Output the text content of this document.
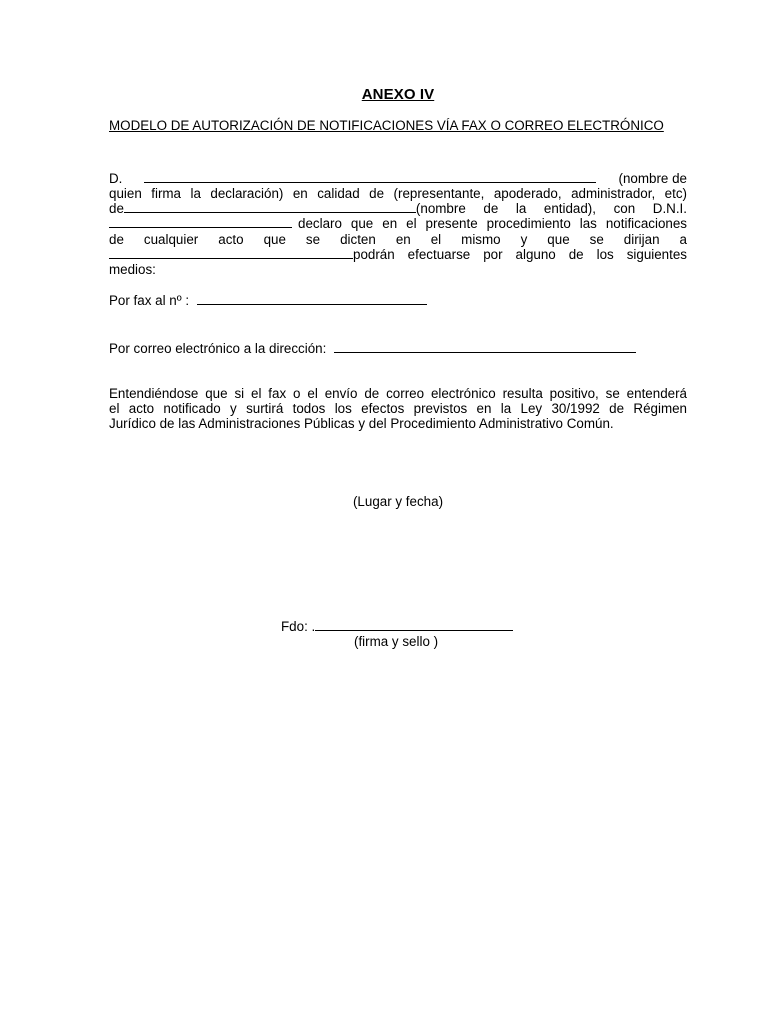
ANEXO IV
MODELO DE AUTORIZACIÓN DE NOTIFICACIONES VÍA FAX O CORREO ELECTRÓNICO
D.	(nombre de
quien firma la declaración) en calidad de (representante, apoderado, administrador, etc)
de	(nombre de la entidad), con D.N.I.
declaro que en el presente procedimiento las notificaciones
de cualquier acto que se dicten en el mismo y que se dirijan a
podrán efectuarse por alguno de los siguientes
medios:
Por fax al nº :
Por correo electrónico a la dirección:
Entendiéndose que si el fax o el envío de correo electrónico resulta positivo, se entenderá
el acto notificado y surtirá todos los efectos previstos en la Ley 30/1992 de Régimen
Jurídico de las Administraciones Públicas y del Procedimiento Administrativo Común.
(Lugar y fecha)
Fdo: .
(firma y sello )
